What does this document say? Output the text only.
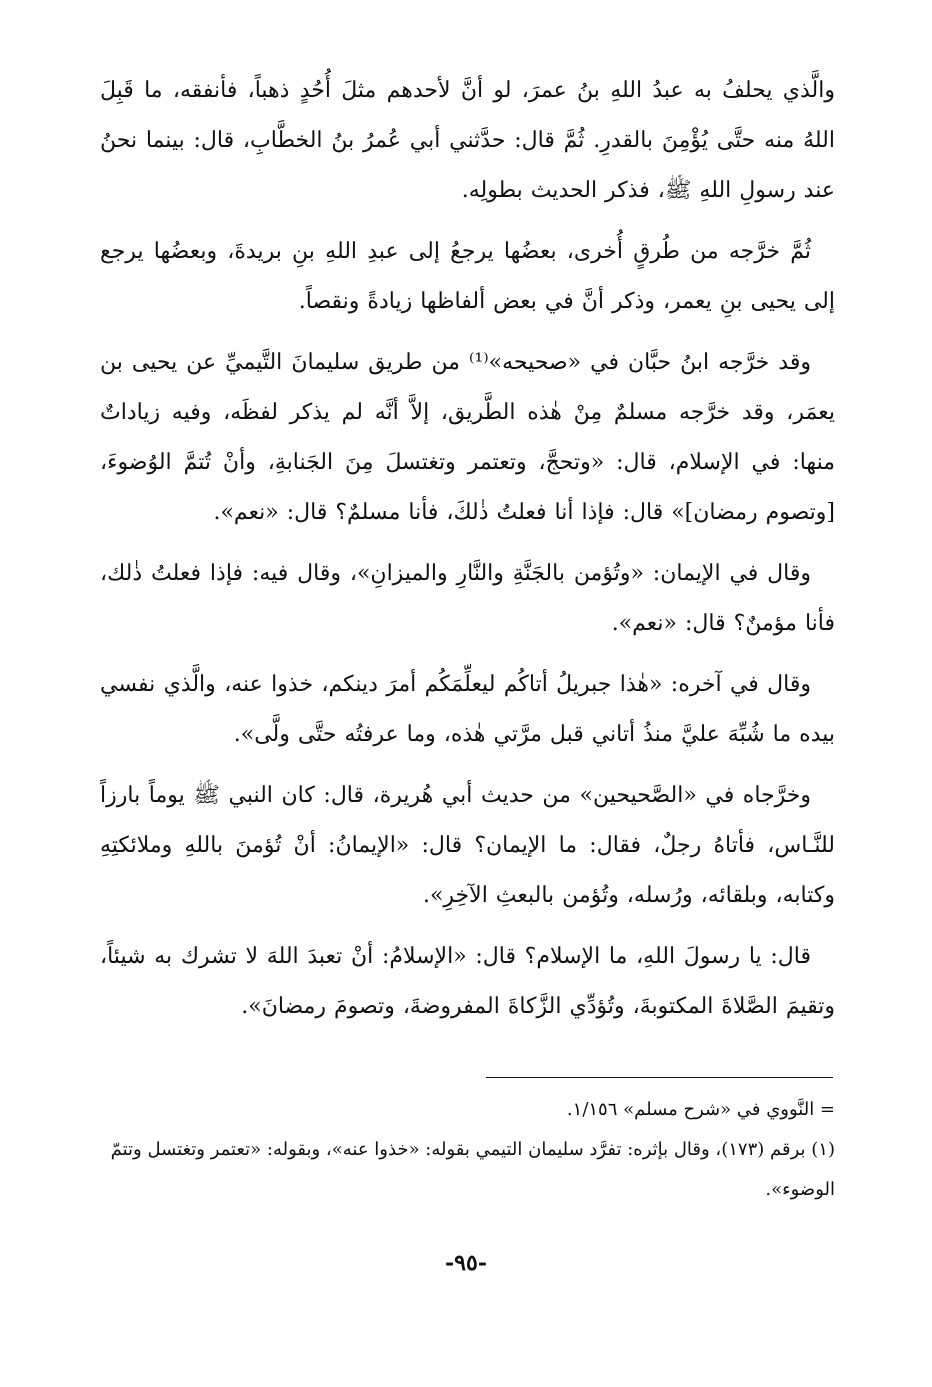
والَّذي يحلفُ به عبدُ اللهِ بنُ عمرَ، لو أنَّ لأحدهم مثلَ أُحُدٍ ذهباً، فأنفقه، ما قَبِلَ اللهُ منه حتَّى يُؤْمِنَ بالقدرِ. ثُمَّ قال: حدَّثني أبي عُمرُ بنُ الخطَّابِ، قال: بينما نحنُ عند رسولِ اللهِ ﷺ، فذكر الحديث بطولِه.

ثُمَّ خرَّجه من طُرقٍ أُخرى، بعضُها يرجعُ إلى عبدِ اللهِ بنِ بريدةَ، وبعضُها يرجع إلى يحيى بنِ يعمر، وذكر أنَّ في بعض ألفاظها زيادةً ونقصاً.

وقد خرَّجه ابنُ حبَّان في «صحيحه»⁽¹⁾ من طريق سليمانَ التَّيميِّ عن يحيى بن يعمَر، وقد خرَّجه مسلمٌ مِنْ هٰذه الطَّريق، إلاَّ أنَّه لم يذكر لفظَه، وفيه زياداتٌ منها: في الإسلام، قال: «وتحجَّ، وتعتمر وتغتسلَ مِنَ الجَنابةِ، وأنْ تُتمَّ الوُضوءَ، [وتصوم رمضان]» قال: فإذا أنا فعلتُ ذٰلكَ، فأنا مسلمٌ؟ قال: «نعم».

وقال في الإيمان: «وتُؤمن بالجَنَّةِ والنَّارِ والميزانِ»، وقال فيه: فإذا فعلتُ ذٰلك، فأنا مؤمنٌ؟ قال: «نعم».

وقال في آخره: «هٰذا جبريلُ أتاكُم ليعلِّمَكُم أمرَ دينكم، خذوا عنه، والَّذي نفسي بيده ما شُبِّهَ عليَّ منذُ أتاني قبل مرَّتي هٰذه، وما عرفتُه حتَّى ولَّى».

وخرَّجاه في «الصَّحيحين» من حديث أبي هُريرة، قال: كان النبي ﷺ يوماً بارزاً للنَّـاس، فأتاهُ رجلٌ، فقال: ما الإيمان؟ قال: «الإيمانُ: أنْ تُؤمنَ باللهِ وملائكتِهِ وكتابه، وبلقائه، ورُسله، وتُؤمن بالبعثِ الآخِرِ».

قال: يا رسولَ اللهِ، ما الإسلام؟ قال: «الإسلامُ: أنْ تعبدَ اللهَ لا تشرك به شيئاً، وتقيمَ الصَّلاةَ المكتوبةَ، وتُؤدِّي الزَّكاةَ المفروضةَ، وتصومَ رمضانَ».

= النَّووي في «شرح مسلم» ١/١٥٦.

(١) برقم (١٧٣)، وقال بإثره: تفرَّد سليمان التيمي بقوله: «خذوا عنه»، وبقوله: «تعتمر وتغتسل وتتمّ الوضوء».

-٩٥-
